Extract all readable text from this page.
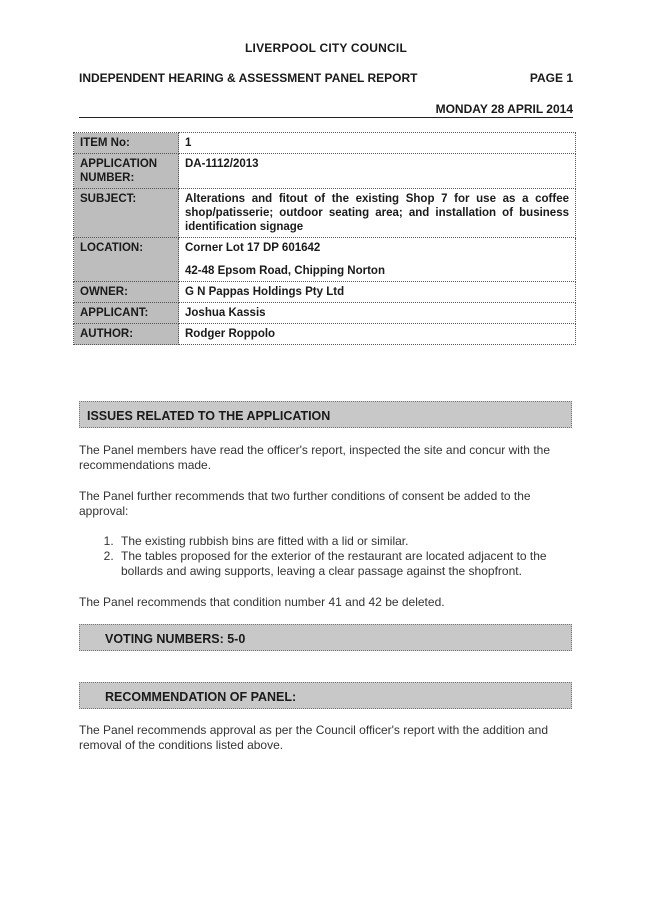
LIVERPOOL CITY COUNCIL
INDEPENDENT HEARING & ASSESSMENT PANEL REPORT	PAGE 1
MONDAY 28 APRIL 2014
ITEM No:	1
APPLICATION NUMBER:	DA-1112/2013
SUBJECT:	Alterations and fitout of the existing Shop 7 for use as a coffee shop/patisserie; outdoor seating area; and installation of business identification signage
LOCATION:	Corner Lot 17 DP 601642
42-48 Epsom Road, Chipping Norton

OWNER:	G N Pappas Holdings Pty Ltd
APPLICANT:	Joshua Kassis
AUTHOR:	Rodger Roppolo
ISSUES RELATED TO THE APPLICATION
The Panel members have read the officer's report, inspected the site and concur with the recommendations made.
The Panel further recommends that two further conditions of consent be added to the approval:
1. The existing rubbish bins are fitted with a lid or similar.
2. The tables proposed for the exterior of the restaurant are located adjacent to the bollards and awing supports, leaving a clear passage against the shopfront.
The Panel recommends that condition number 41 and 42 be deleted.
VOTING NUMBERS: 5-0
RECOMMENDATION OF PANEL:
The Panel recommends approval as per the Council officer's report with the addition and removal of the conditions listed above.
